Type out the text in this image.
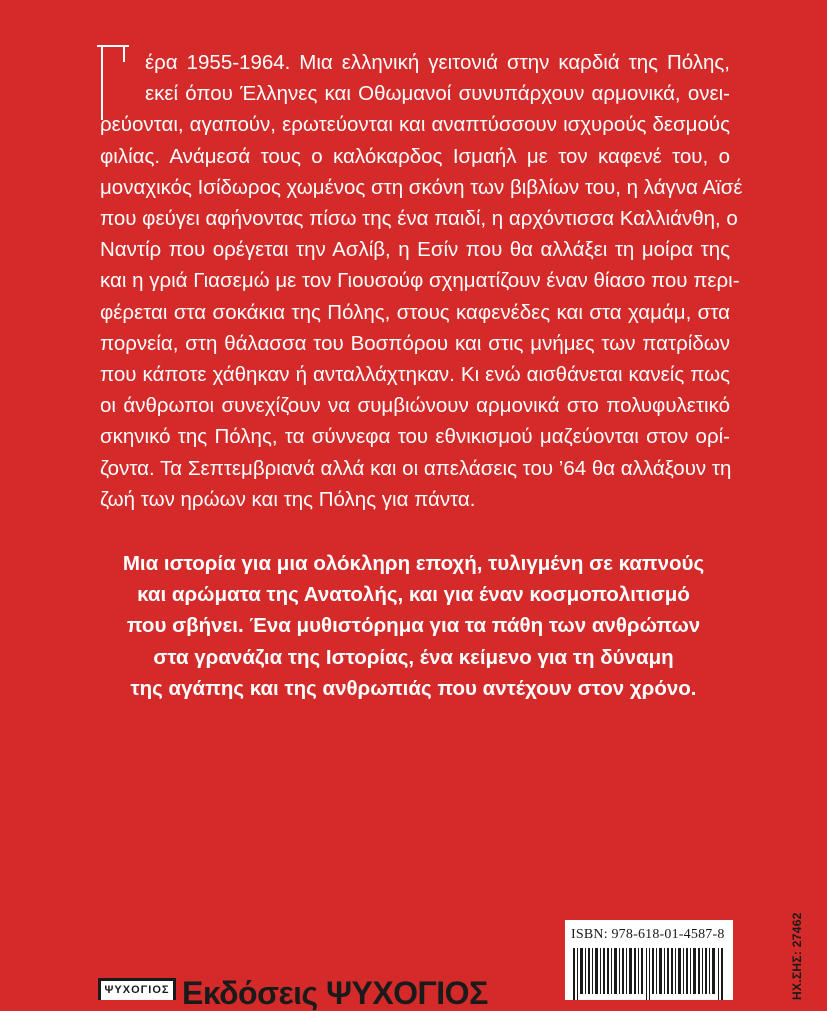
έρα 1955-1964. Μια ελληνική γειτονιά στην καρδιά της Πόλης,
εκεί όπου Έλληνες και Οθωμανοί συνυπάρχουν αρμονικά, ονει-
ρεύονται, αγαπούν, ερωτεύονται και αναπτύσσουν ισχυρούς δεσμούς
φιλίας. Ανάμεσά τους ο καλόκαρδος Ισμαήλ με τον καφενέ του, ο
μοναχικός Ισίδωρος χωμένος στη σκόνη των βιβλίων του, η λάγνα Αϊσέ
που φεύγει αφήνοντας πίσω της ένα παιδί, η αρχόντισσα Καλλιάνθη, ο
Ναντίρ που ορέγεται την Ασλίβ, η Εσίν που θα αλλάξει τη μοίρα της
και η γριά Γιασεμώ με τον Γιουσούφ σχηματίζουν έναν θίασο που περι-
φέρεται στα σοκάκια της Πόλης, στους καφενέδες και στα χαμάμ, στα
πορνεία, στη θάλασσα του Βοσπόρου και στις μνήμες των πατρίδων
που κάποτε χάθηκαν ή ανταλλάχτηκαν. Κι ενώ αισθάνεται κανείς πως
οι άνθρωποι συνεχίζουν να συμβιώνουν αρμονικά στο πολυφυλετικό
σκηνικό της Πόλης, τα σύννεφα του εθνικισμού μαζεύονται στον ορί-
ζοντα. Τα Σεπτεμβριανά αλλά και οι απελάσεις του ’64 θα αλλάξουν τη
ζωή των ηρώων και της Πόλης για πάντα.
Μια ιστορία για μια ολόκληρη εποχή, τυλιγμένη σε καπνούς
και αρώματα της Ανατολής, και για έναν κοσμοπολιτισμό
που σβήνει. Ένα μυθιστόρημα για τα πάθη των ανθρώπων
στα γρανάζια της Ιστορίας, ένα κείμενο για τη δύναμη
της αγάπης και της ανθρωπιάς που αντέχουν στον χρόνο.
ISBN: 978-618-01-4587-8	ΗΧ.ΣΗΣ: 27462
ΨΥΧΟΓΙΟΣ Εκδόσεις ΨΥΧΟΓΙΟΣ
